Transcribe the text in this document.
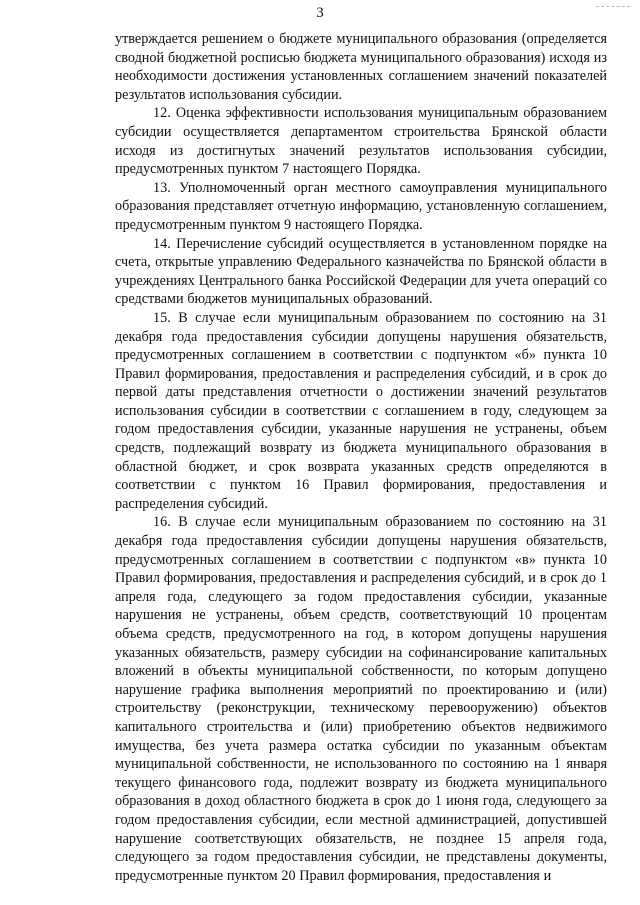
3

утверждается решением о бюджете муниципального образования (определяется сводной бюджетной росписью бюджета муниципального образования) исходя из необходимости достижения установленных соглашением значений показателей результатов использования субсидии.

12. Оценка эффективности использования муниципальным образованием субсидии осуществляется департаментом строительства Брянской области исходя из достигнутых значений результатов использования субсидии, предусмотренных пунктом 7 настоящего Порядка.

13. Уполномоченный орган местного самоуправления муниципального образования представляет отчетную информацию, установленную соглашением, предусмотренным пунктом 9 настоящего Порядка.

14. Перечисление субсидий осуществляется в установленном порядке на счета, открытые управлению Федерального казначейства по Брянской области в учреждениях Центрального банка Российской Федерации для учета операций со средствами бюджетов муниципальных образований.

15. В случае если муниципальным образованием по состоянию на 31 декабря года предоставления субсидии допущены нарушения обязательств, предусмотренных соглашением в соответствии с подпунктом «б» пункта 10 Правил формирования, предоставления и распределения субсидий, и в срок до первой даты представления отчетности о достижении значений результатов использования субсидии в соответствии с соглашением в году, следующем за годом предоставления субсидии, указанные нарушения не устранены, объем средств, подлежащий возврату из бюджета муниципального образования в областной бюджет, и срок возврата указанных средств определяются в соответствии с пунктом 16 Правил формирования, предоставления и распределения субсидий.

16. В случае если муниципальным образованием по состоянию на 31 декабря года предоставления субсидии допущены нарушения обязательств, предусмотренных соглашением в соответствии с подпунктом «в» пункта 10 Правил формирования, предоставления и распределения субсидий, и в срок до 1 апреля года, следующего за годом предоставления субсидии, указанные нарушения не устранены, объем средств, соответствующий 10 процентам объема средств, предусмотренного на год, в котором допущены нарушения указанных обязательств, размеру субсидии на софинансирование капитальных вложений в объекты муниципальной собственности, по которым допущено нарушение графика выполнения мероприятий по проектированию и (или) строительству (реконструкции, техническому перевооружению) объектов капитального строительства и (или) приобретению объектов недвижимого имущества, без учета размера остатка субсидии по указанным объектам муниципальной собственности, не использованного по состоянию на 1 января текущего финансового года, подлежит возврату из бюджета муниципального образования в доход областного бюджета в срок до 1 июня года, следующего за годом предоставления субсидии, если местной администрацией, допустившей нарушение соответствующих обязательств, не позднее 15 апреля года, следующего за годом предоставления субсидии, не представлены документы, предусмотренные пунктом 20 Правил формирования, предоставления и
